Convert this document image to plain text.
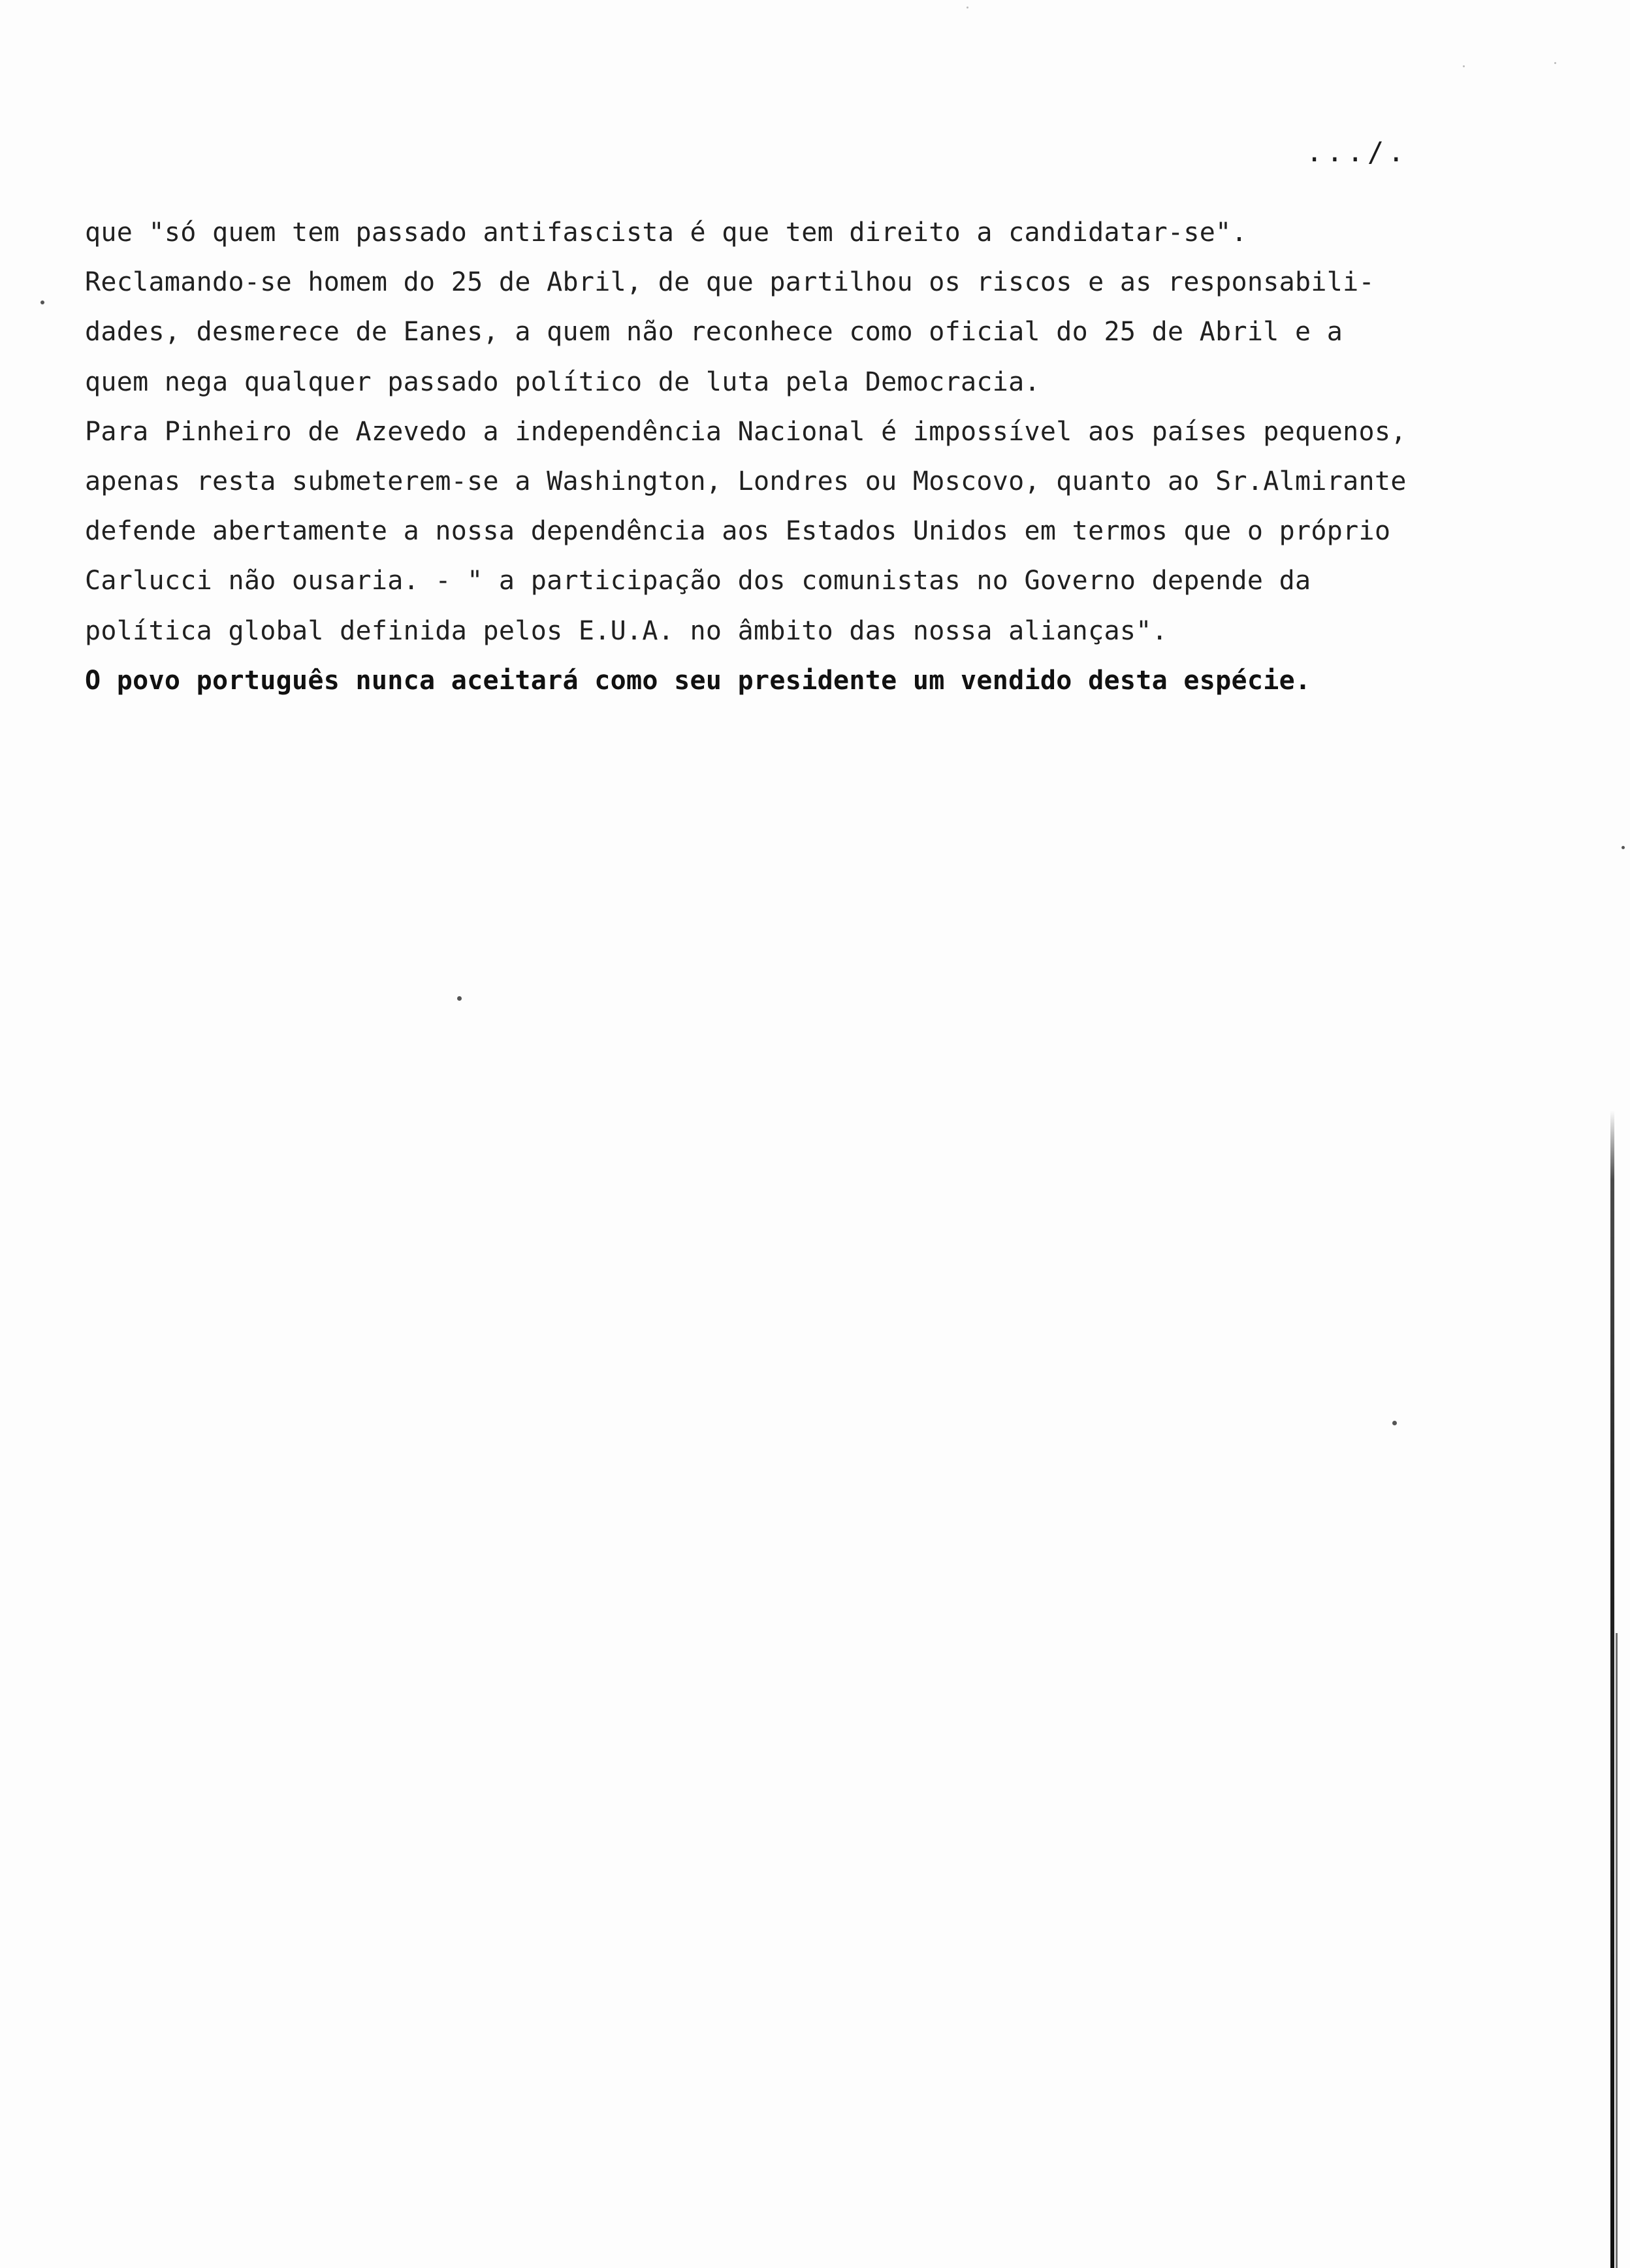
.../.
que "só quem tem passado antifascista é que tem direito a candidatar-se".
Reclamando-se homem do 25 de Abril, de que partilhou os riscos e as responsabili-
dades, desmerece de Eanes, a quem não reconhece como oficial do 25 de Abril e a
quem nega qualquer passado político de luta pela Democracia.
Para Pinheiro de Azevedo a independência Nacional é impossível aos países pequenos,
apenas resta submeterem-se a Washington, Londres ou Moscovo, quanto ao Sr.Almirante
defende abertamente a nossa dependência aos Estados Unidos em termos que o próprio
Carlucci não ousaria. - " a participação dos comunistas no Governo depende da
política global definida pelos E.U.A. no âmbito das nossa alianças".
O povo português nunca aceitará como seu presidente um vendido desta espécie.
